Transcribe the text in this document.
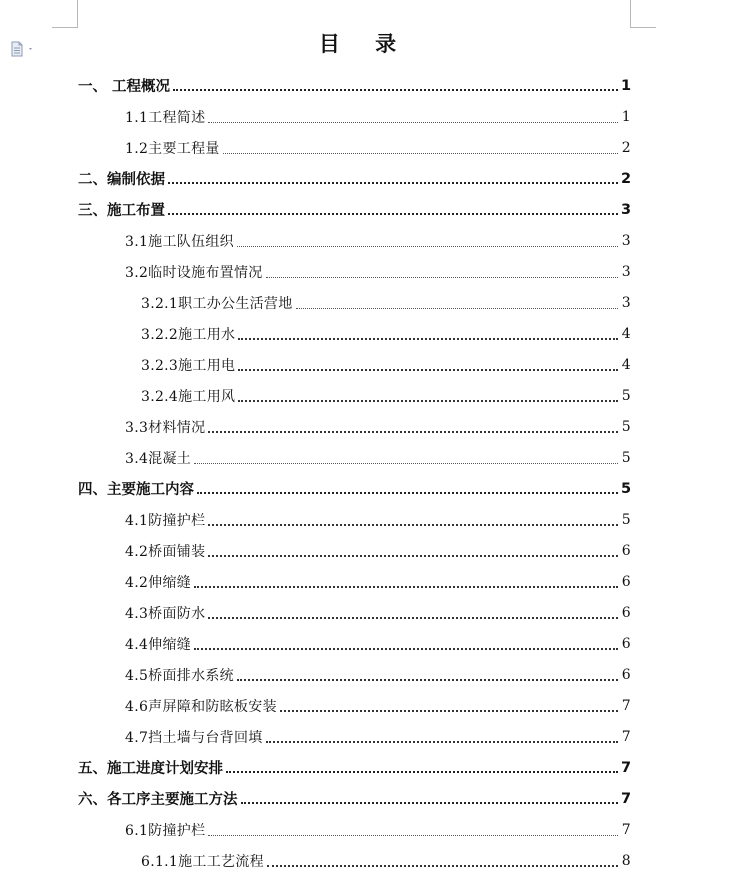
目 录
一、 工程概况	1
1.1工程简述	1
1.2主要工程量	2
二、编制依据	2
三、施工布置	3
3.1施工队伍组织	3
3.2临时设施布置情况	3
3.2.1职工办公生活营地	3
3.2.2施工用水	4
3.2.3施工用电	4
3.2.4施工用风	5
3.3材料情况	5
3.4混凝土	5
四、主要施工内容	5
4.1防撞护栏	5
4.2桥面铺装	6
4.2伸缩缝	6
4.3桥面防水	6
4.4伸缩缝	6
4.5桥面排水系统	6
4.6声屏障和防眩板安装	7
4.7挡土墙与台背回填	7
五、施工进度计划安排	7
六、各工序主要施工方法	7
6.1防撞护栏	7
6.1.1施工工艺流程	8
